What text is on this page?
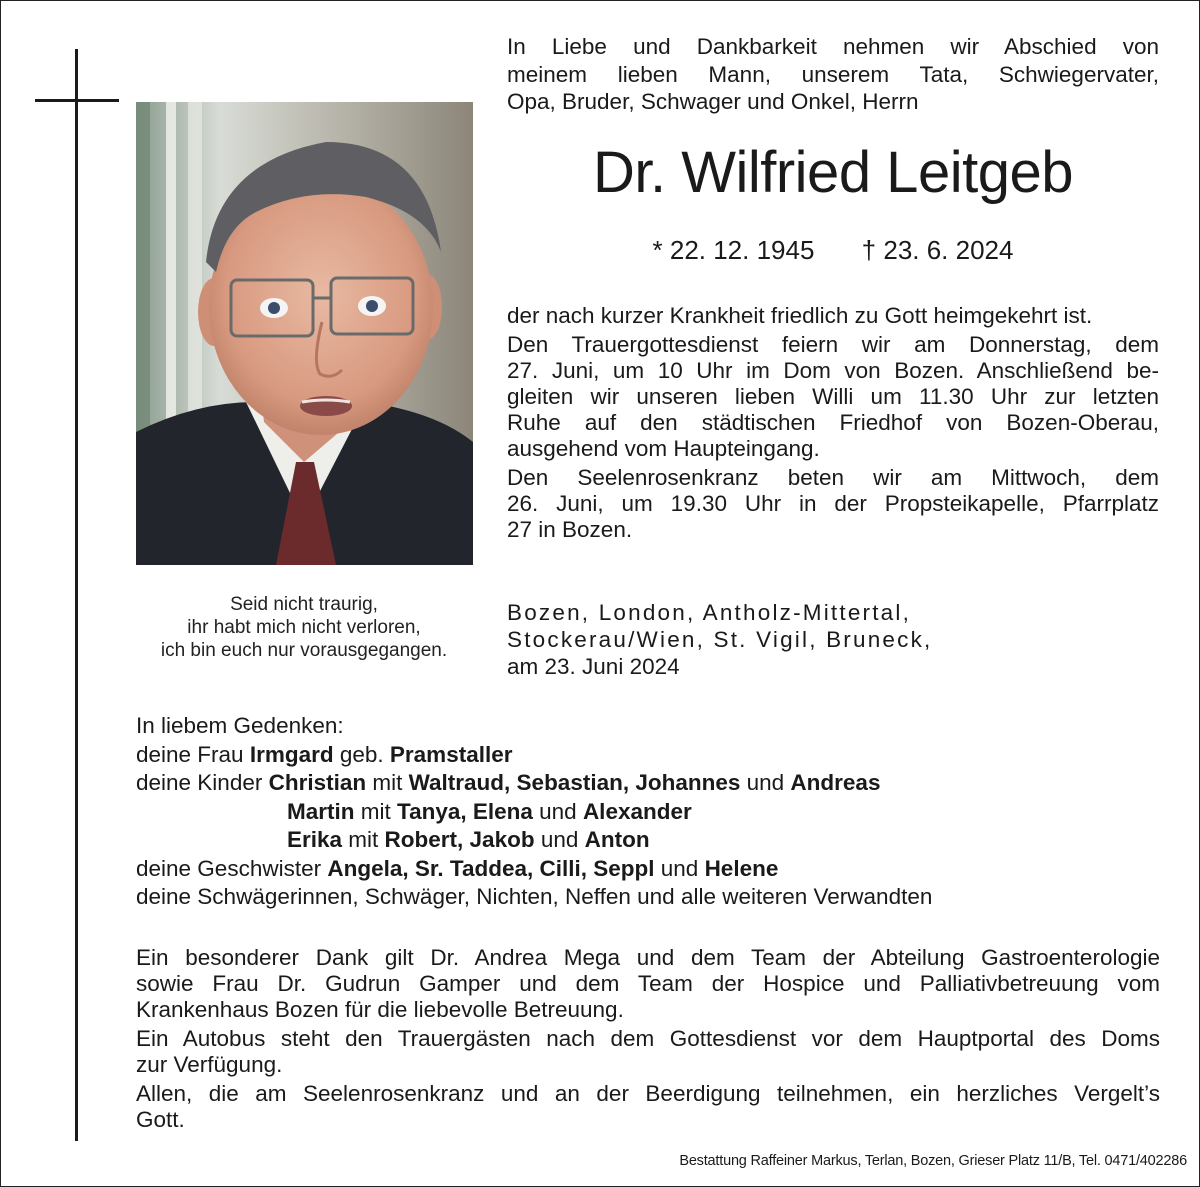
Seid nicht traurig,
ihr habt mich nicht verloren,
ich bin euch nur vorausgegangen.
In Liebe und Dankbarkeit nehmen wir Abschied von
meinem lieben Mann, unserem Tata, Schwiegervater,
Opa, Bruder, Schwager und Onkel, Herrn
Dr. Wilfried Leitgeb
* 22. 12. 1945 † 23. 6. 2024

der nach kurzer Krankheit friedlich zu Gott heimgekehrt ist.

Den Trauergottesdienst feiern wir am Donnerstag, dem
27. Juni, um 10 Uhr im Dom von Bozen. Anschließend be-
gleiten wir unseren lieben Willi um 11.30 Uhr zur letzten
Ruhe auf den städtischen Friedhof von Bozen-Oberau,
ausgehend vom Haupteingang.

Den Seelenrosenkranz beten wir am Mittwoch, dem
26. Juni, um 19.30 Uhr in der Propsteikapelle, Pfarrplatz
27 in Bozen.

Bozen, London, Antholz-Mittertal,
Stockerau/Wien, St. Vigil, Bruneck,
am 23. Juni 2024
In liebem Gedenken:
deine Frau Irmgard geb. Pramstaller
deine Kinder Christian mit Waltraud, Sebastian, Johannes und Andreas
Martin mit Tanya, Elena und Alexander
Erika mit Robert, Jakob und Anton
deine Geschwister Angela, Sr. Taddea, Cilli, Seppl und Helene
deine Schwägerinnen, Schwäger, Nichten, Neffen und alle weiteren Verwandten

Ein besonderer Dank gilt Dr. Andrea Mega und dem Team der Abteilung Gastroenterologie
sowie Frau Dr. Gudrun Gamper und dem Team der Hospice und Palliativbetreuung vom
Krankenhaus Bozen für die liebevolle Betreuung.

Ein Autobus steht den Trauergästen nach dem Gottesdienst vor dem Hauptportal des Doms
zur Verfügung.

Allen, die am Seelenrosenkranz und an der Beerdigung teilnehmen, ein herzliches Vergelt’s
Gott.

Bestattung Raffeiner Markus, Terlan, Bozen, Grieser Platz 11/B, Tel. 0471/402286
